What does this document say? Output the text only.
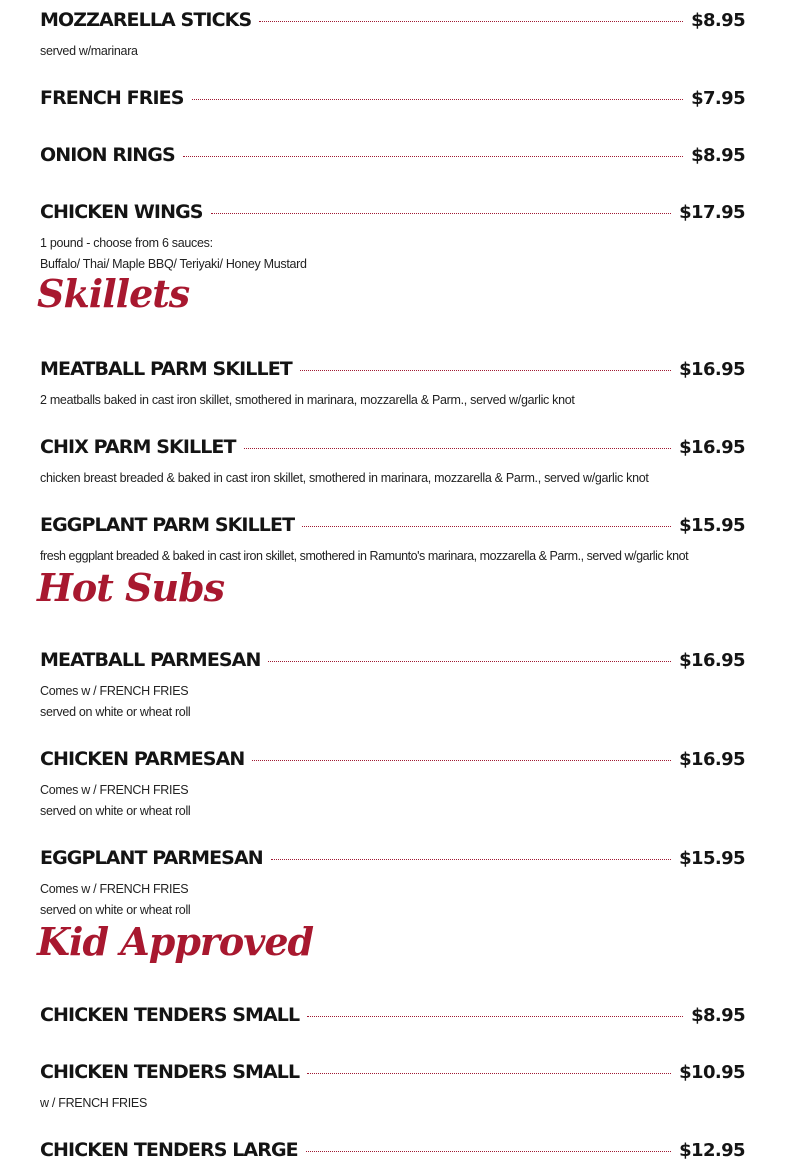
MOZZARELLA STICKS	$8.95
served w/marinara
FRENCH FRIES	$7.95
ONION RINGS	$8.95
CHICKEN WINGS	$17.95
1 pound - choose from 6 sauces:
Buffalo/ Thai/ Maple BBQ/ Teriyaki/ Honey Mustard
Skillets
MEATBALL PARM SKILLET	$16.95
2 meatballs baked in cast iron skillet, smothered in marinara, mozzarella & Parm., served w/garlic knot
CHIX PARM SKILLET	$16.95
chicken breast breaded & baked in cast iron skillet, smothered in marinara, mozzarella & Parm., served w/garlic knot
EGGPLANT PARM SKILLET	$15.95
fresh eggplant breaded & baked in cast iron skillet, smothered in Ramunto's marinara, mozzarella & Parm., served w/garlic knot
Hot Subs
MEATBALL PARMESAN	$16.95
Comes w / FRENCH FRIES
served on white or wheat roll
CHICKEN PARMESAN	$16.95
Comes w / FRENCH FRIES
served on white or wheat roll
EGGPLANT PARMESAN	$15.95
Comes w / FRENCH FRIES
served on white or wheat roll
Kid Approved
CHICKEN TENDERS SMALL	$8.95
CHICKEN TENDERS SMALL	$10.95
w / FRENCH FRIES
CHICKEN TENDERS LARGE	$12.95
